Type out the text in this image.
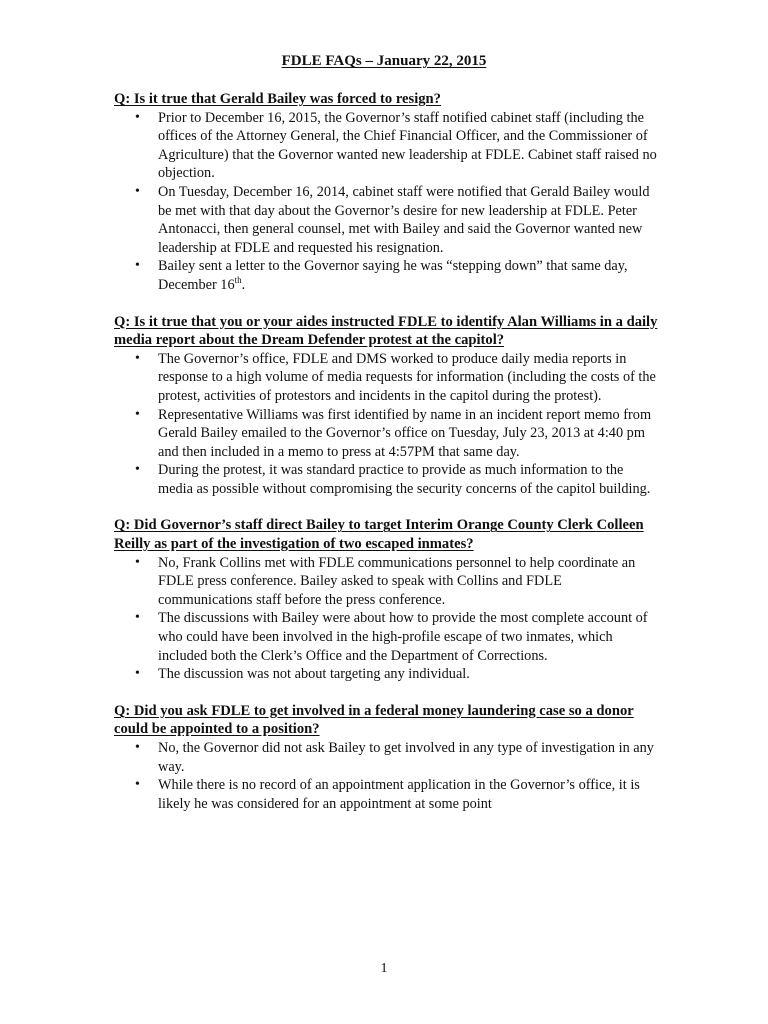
FDLE FAQs – January 22, 2015

Q: Is it true that Gerald Bailey was forced to resign?

• Prior to December 16, 2015, the Governor’s staff notified cabinet staff (including the offices of the Attorney General, the Chief Financial Officer, and the Commissioner of Agriculture) that the Governor wanted new leadership at FDLE. Cabinet staff raised no objection.
• On Tuesday, December 16, 2014, cabinet staff were notified that Gerald Bailey would be met with that day about the Governor’s desire for new leadership at FDLE. Peter Antonacci, then general counsel, met with Bailey and said the Governor wanted new leadership at FDLE and requested his resignation.
• Bailey sent a letter to the Governor saying he was “stepping down” that same day, December 16th.

Q: Is it true that you or your aides instructed FDLE to identify Alan Williams in a daily media report about the Dream Defender protest at the capitol?

• The Governor’s office, FDLE and DMS worked to produce daily media reports in response to a high volume of media requests for information (including the costs of the protest, activities of protestors and incidents in the capitol during the protest).
• Representative Williams was first identified by name in an incident report memo from Gerald Bailey emailed to the Governor’s office on Tuesday, July 23, 2013 at 4:40 pm and then included in a memo to press at 4:57PM that same day.
• During the protest, it was standard practice to provide as much information to the media as possible without compromising the security concerns of the capitol building.

Q: Did Governor’s staff direct Bailey to target Interim Orange County Clerk Colleen Reilly as part of the investigation of two escaped inmates?

• No, Frank Collins met with FDLE communications personnel to help coordinate an FDLE press conference. Bailey asked to speak with Collins and FDLE communications staff before the press conference.
• The discussions with Bailey were about how to provide the most complete account of who could have been involved in the high-profile escape of two inmates, which included both the Clerk’s Office and the Department of Corrections.
• The discussion was not about targeting any individual.

Q: Did you ask FDLE to get involved in a federal money laundering case so a donor could be appointed to a position?

• No, the Governor did not ask Bailey to get involved in any type of investigation in any way.
• While there is no record of an appointment application in the Governor’s office, it is likely he was considered for an appointment at some point
1
